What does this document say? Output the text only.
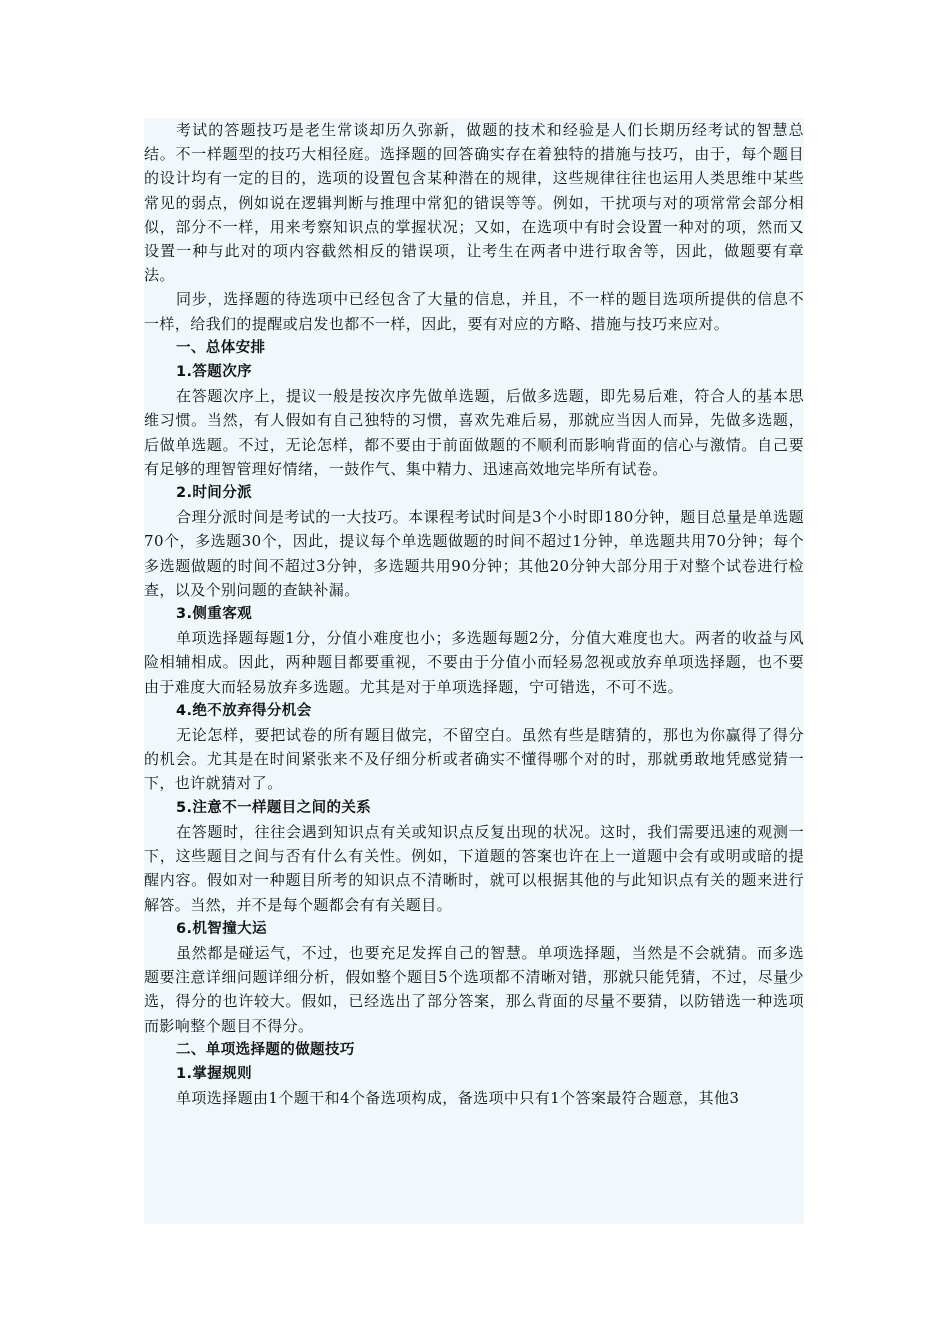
考试的答题技巧是老生常谈却历久弥新，做题的技术和经验是人们长期历经考试的智慧总结。不一样题型的技巧大相径庭。选择题的回答确实存在着独特的措施与技巧，由于，每个题目的设计均有一定的目的，选项的设置包含某种潜在的规律，这些规律往往也运用人类思维中某些常见的弱点，例如说在逻辑判断与推理中常犯的错误等等。例如，干扰项与对的项常常会部分相似，部分不一样，用来考察知识点的掌握状况；又如，在选项中有时会设置一种对的项，然而又设置一种与此对的项内容截然相反的错误项，让考生在两者中进行取舍等，因此，做题要有章法。

同步，选择题的待选项中已经包含了大量的信息，并且，不一样的题目选项所提供的信息不一样，给我们的提醒或启发也都不一样，因此，要有对应的方略、措施与技巧来应对。

一、总体安排

1.答题次序

在答题次序上，提议一般是按次序先做单选题，后做多选题，即先易后难，符合人的基本思维习惯。当然，有人假如有自己独特的习惯，喜欢先难后易，那就应当因人而异，先做多选题，后做单选题。不过，无论怎样，都不要由于前面做题的不顺利而影响背面的信心与激情。自己要有足够的理智管理好情绪，一鼓作气、集中精力、迅速高效地完毕所有试卷。

2.时间分派

合理分派时间是考试的一大技巧。本课程考试时间是3个小时即180分钟，题目总量是单选题70个，多选题30个，因此，提议每个单选题做题的时间不超过1分钟，单选题共用70分钟；每个多选题做题的时间不超过3分钟，多选题共用90分钟；其他20分钟大部分用于对整个试卷进行检查，以及个别问题的查缺补漏。

3.侧重客观

单项选择题每题1分，分值小难度也小；多选题每题2分，分值大难度也大。两者的收益与风险相辅相成。因此，两种题目都要重视，不要由于分值小而轻易忽视或放弃单项选择题，也不要由于难度大而轻易放弃多选题。尤其是对于单项选择题，宁可错选，不可不选。

4.绝不放弃得分机会

无论怎样，要把试卷的所有题目做完，不留空白。虽然有些是瞎猜的，那也为你赢得了得分的机会。尤其是在时间紧张来不及仔细分析或者确实不懂得哪个对的时，那就勇敢地凭感觉猜一下，也许就猜对了。

5.注意不一样题目之间的关系

在答题时，往往会遇到知识点有关或知识点反复出现的状况。这时，我们需要迅速的观测一下，这些题目之间与否有什么有关性。例如，下道题的答案也许在上一道题中会有或明或暗的提醒内容。假如对一种题目所考的知识点不清晰时，就可以根据其他的与此知识点有关的题来进行解答。当然，并不是每个题都会有有关题目。

6.机智撞大运

虽然都是碰运气，不过，也要充足发挥自己的智慧。单项选择题，当然是不会就猜。而多选题要注意详细问题详细分析，假如整个题目5个选项都不清晰对错，那就只能凭猜，不过，尽量少选，得分的也许较大。假如，已经选出了部分答案，那么背面的尽量不要猜，以防错选一种选项而影响整个题目不得分。

二、单项选择题的做题技巧

1.掌握规则

单项选择题由1个题干和4个备选项构成，备选项中只有1个答案最符合题意，其他3
